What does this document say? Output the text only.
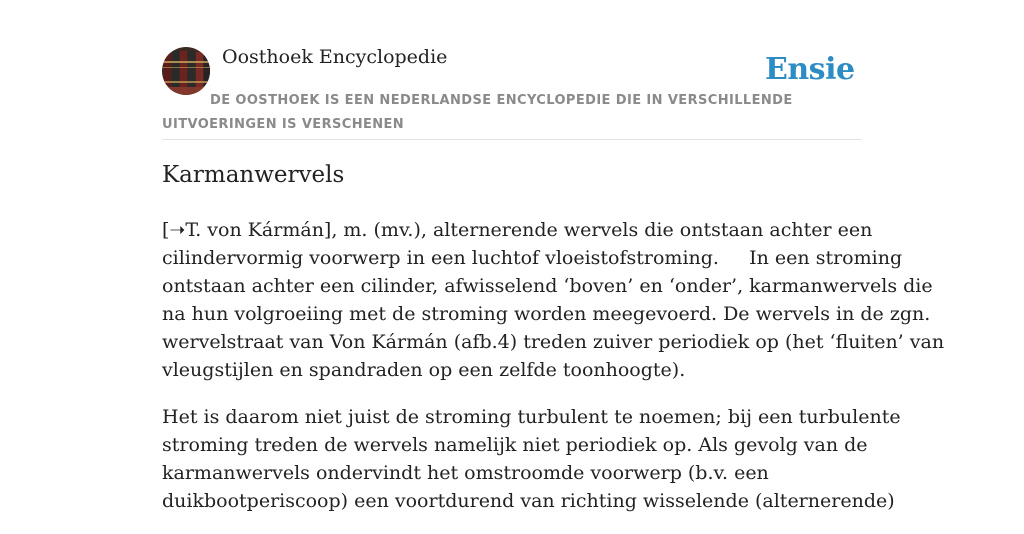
Oosthoek Encyclopedie	Ensie
DE OOSTHOEK IS EEN NEDERLANDSE ENCYCLOPEDIE DIE IN VERSCHILLENDE UITVOERINGEN IS VERSCHENEN
Karmanwervels

[➝T. von Kármán], m. (mv.), alternerende wervels die ontstaan achter een
cilindervormig voorwerp in een luchtof vloeistofstroming.     In een stroming
ontstaan achter een cilinder, afwisselend ‘boven’ en ‘onder’, karmanwervels die
na hun volgroeiing met de stroming worden meegevoerd. De wervels in de zgn.
wervelstraat van Von Kármán (afb.4) treden zuiver periodiek op (het ‘fluiten’ van
vleugstijlen en spandraden op een zelfde toonhoogte).

Het is daarom niet juist de stroming turbulent te noemen; bij een turbulente
stroming treden de wervels namelijk niet periodiek op. Als gevolg van de
karmanwervels ondervindt het omstroomde voorwerp (b.v. een
duikbootperiscoop) een voortdurend van richting wisselende (alternerende)
